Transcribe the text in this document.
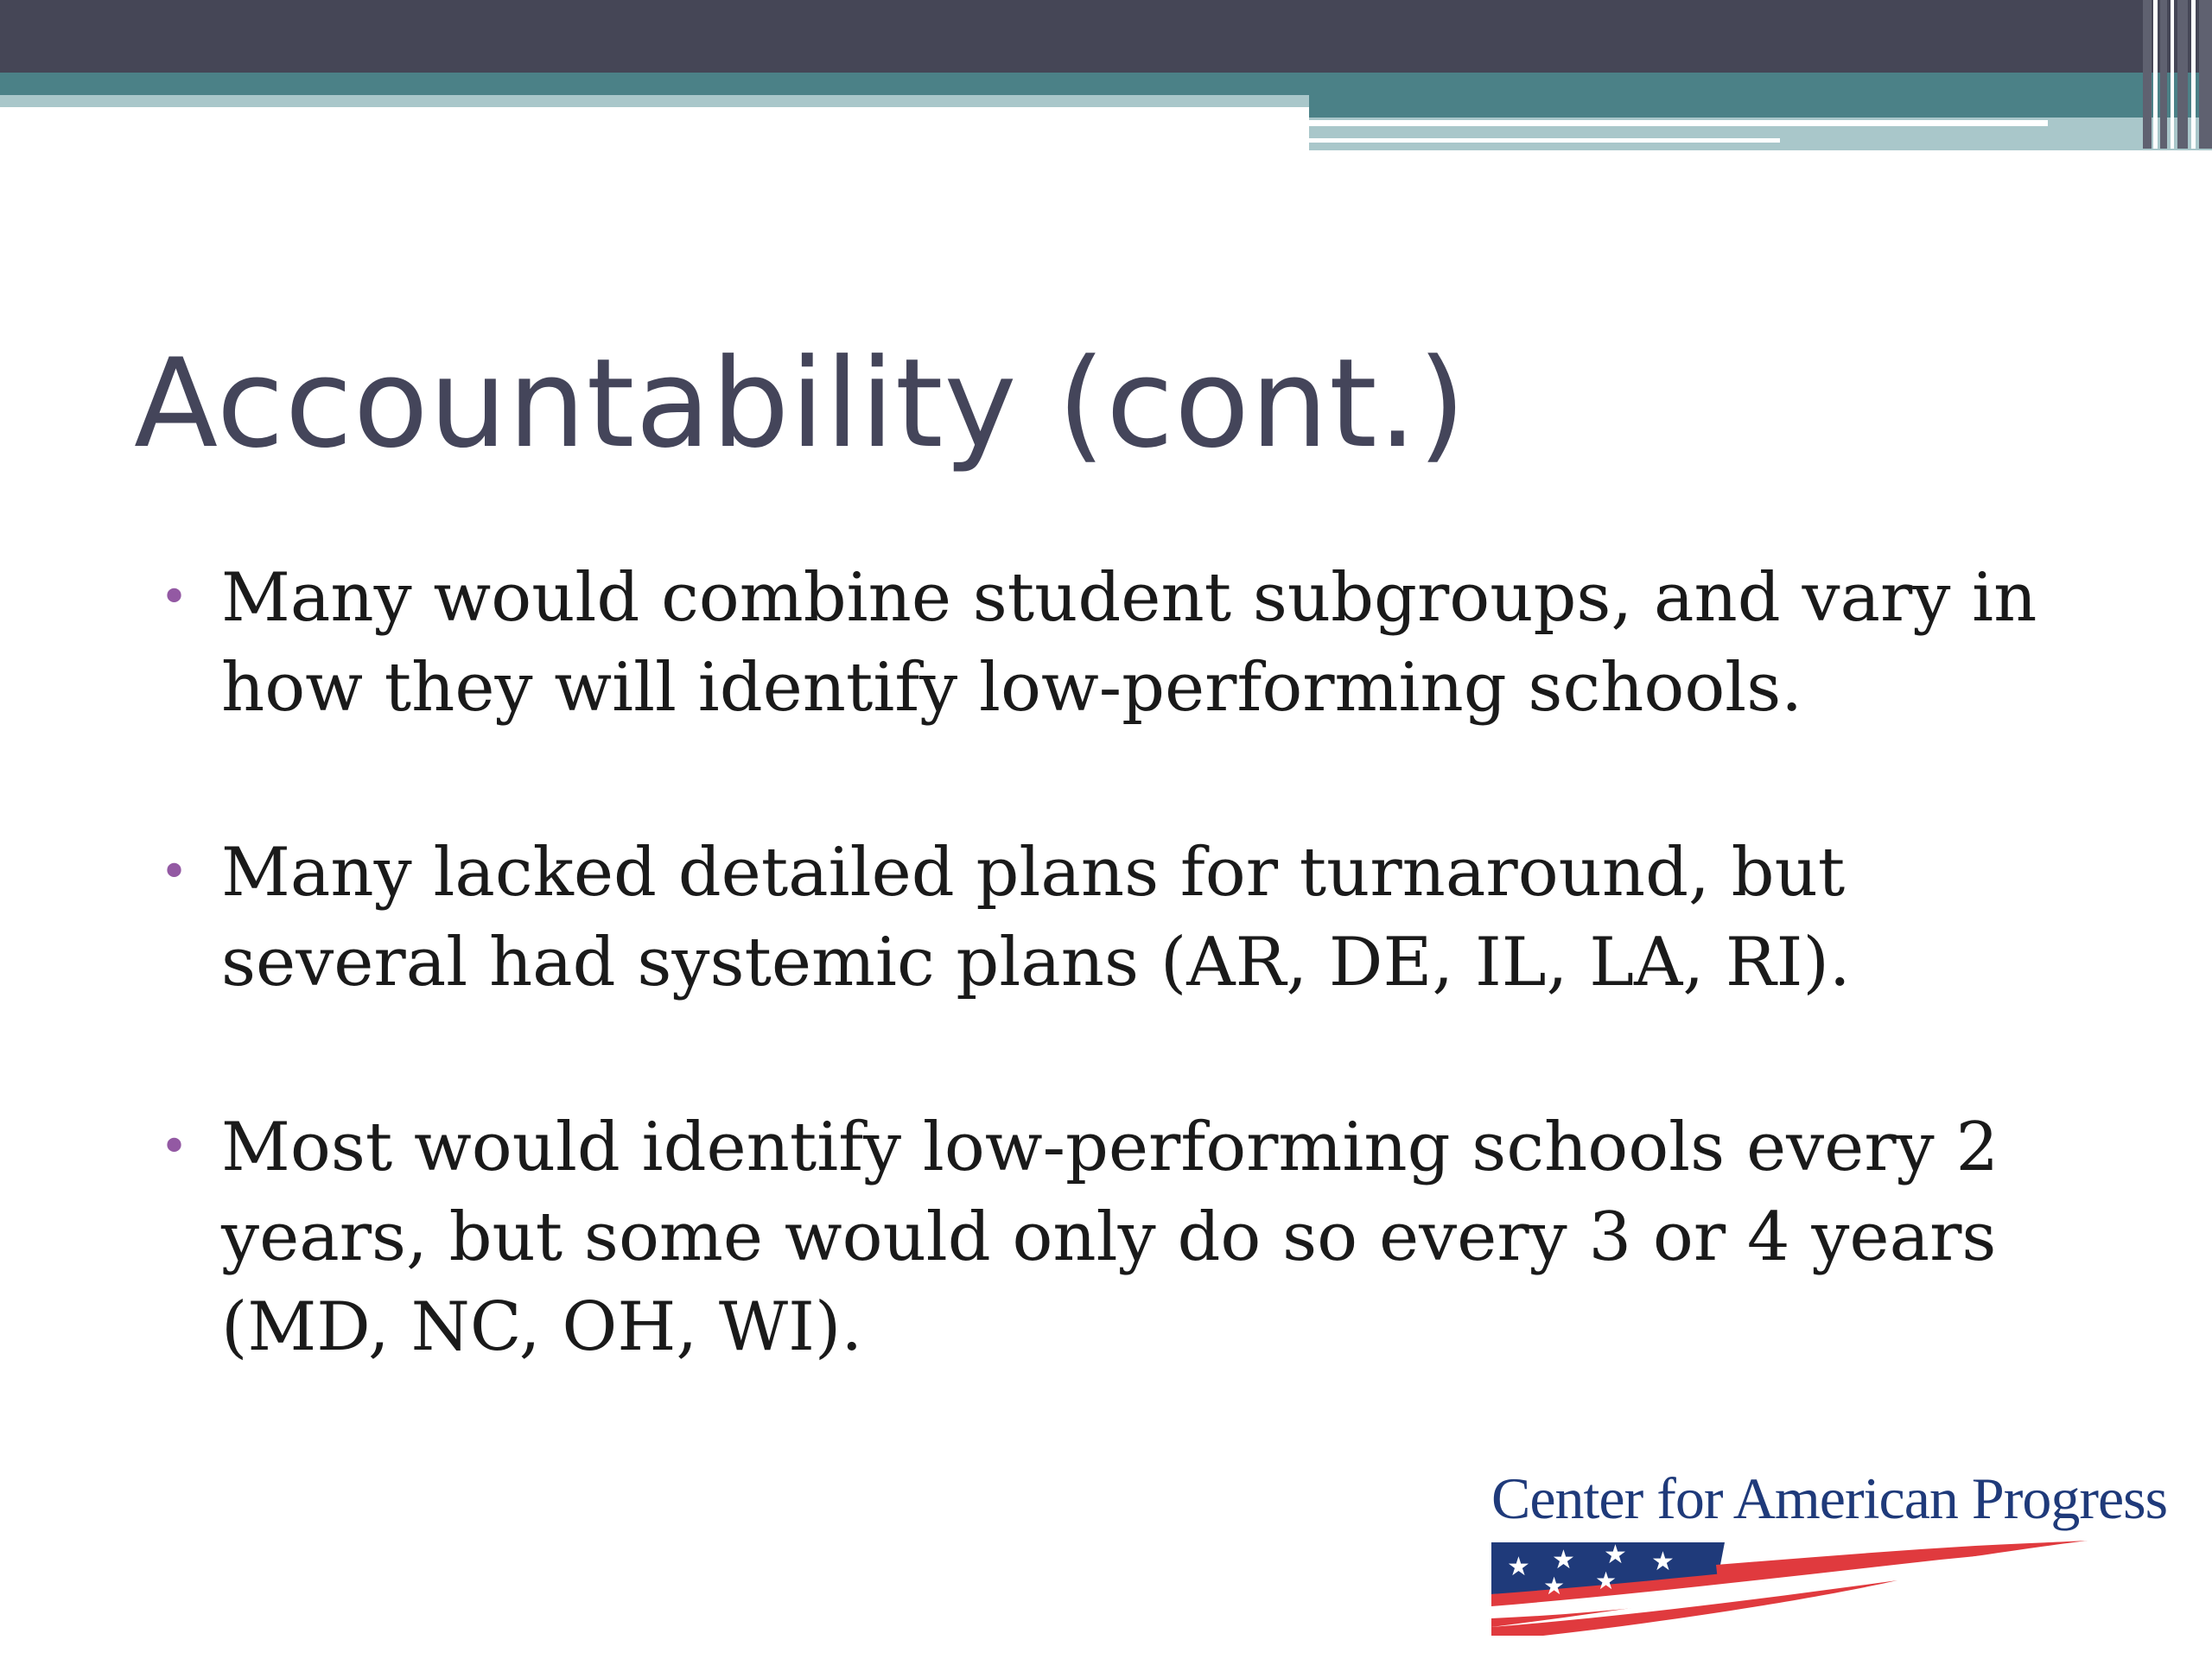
Accountability (cont.)
• Many would combine student subgroups, and vary in how they will identify low-performing schools.
• Many lacked detailed plans for turnaround, but several had systemic plans (AR, DE, IL, LA, RI).
• Most would identify low-performing schools every 2 years, but some would only do so every 3 or 4 years (MD, NC, OH, WI).
Center for American Progress
★ ★ ★ ★
★ ★
